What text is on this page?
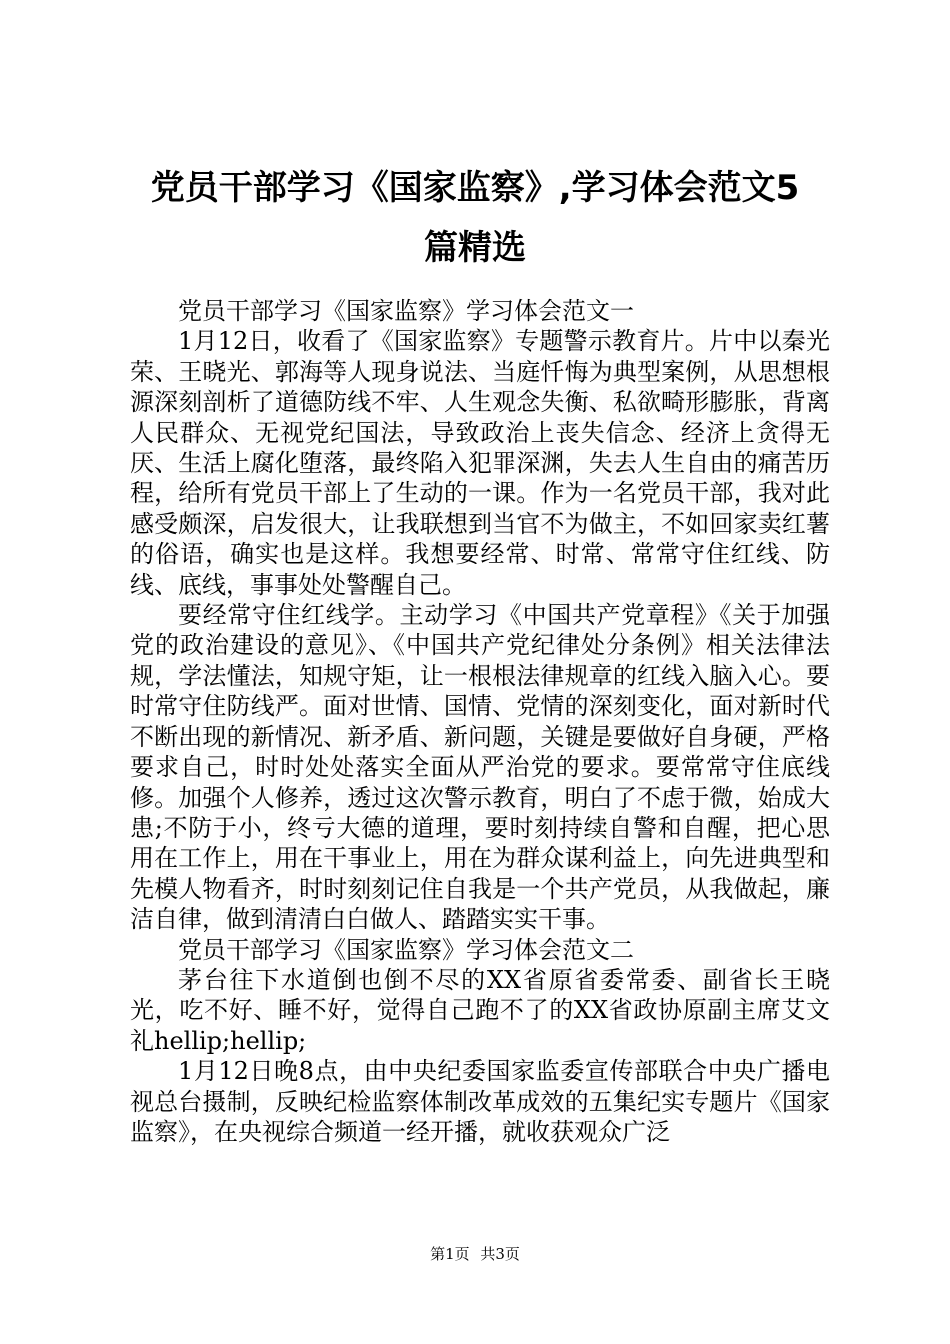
党员干部学习《国家监察》,学习体会范文5
篇精选

党员干部学习《国家监察》学习体会范文一

1月12日，收看了《国家监察》专题警示教育片。片中以秦光荣、王晓光、郭海等人现身说法、当庭忏悔为典型案例，从思想根源深刻剖析了道德防线不牢、人生观念失衡、私欲畸形膨胀，背离人民群众、无视党纪国法，导致政治上丧失信念、经济上贪得无厌、生活上腐化堕落，最终陷入犯罪深渊，失去人生自由的痛苦历程，给所有党员干部上了生动的一课。作为一名党员干部，我对此感受颇深，启发很大，让我联想到当官不为做主，不如回家卖红薯的俗语，确实也是这样。我想要经常、时常、常常守住红线、防线、底线，事事处处警醒自己。

要经常守住红线学。主动学习《中国共产党章程》《关于加强党的政治建设的意见》、《中国共产党纪律处分条例》相关法律法规，学法懂法，知规守矩，让一根根法律规章的红线入脑入心。要时常守住防线严。面对世情、国情、党情的深刻变化，面对新时代不断出现的新情况、新矛盾、新问题，关键是要做好自身硬，严格要求自己，时时处处落实全面从严治党的要求。要常常守住底线修。加强个人修养，透过这次警示教育，明白了不虑于微，始成大患;不防于小，终亏大德的道理，要时刻持续自警和自醒，把心思用在工作上，用在干事业上，用在为群众谋利益上，向先进典型和先模人物看齐，时时刻刻记住自我是一个共产党员，从我做起，廉洁自律，做到清清白白做人、踏踏实实干事。

党员干部学习《国家监察》学习体会范文二

茅台往下水道倒也倒不尽的XX省原省委常委、副省长王晓光，吃不好、睡不好，觉得自己跑不了的XX省政协原副主席艾文礼hellip;hellip;

1月12日晚8点，由中央纪委国家监委宣传部联合中央广播电视总台摄制，反映纪检监察体制改革成效的五集纪实专题片《国家监察》，在央视综合频道一经开播，就收获观众广泛

第1页 共3页
